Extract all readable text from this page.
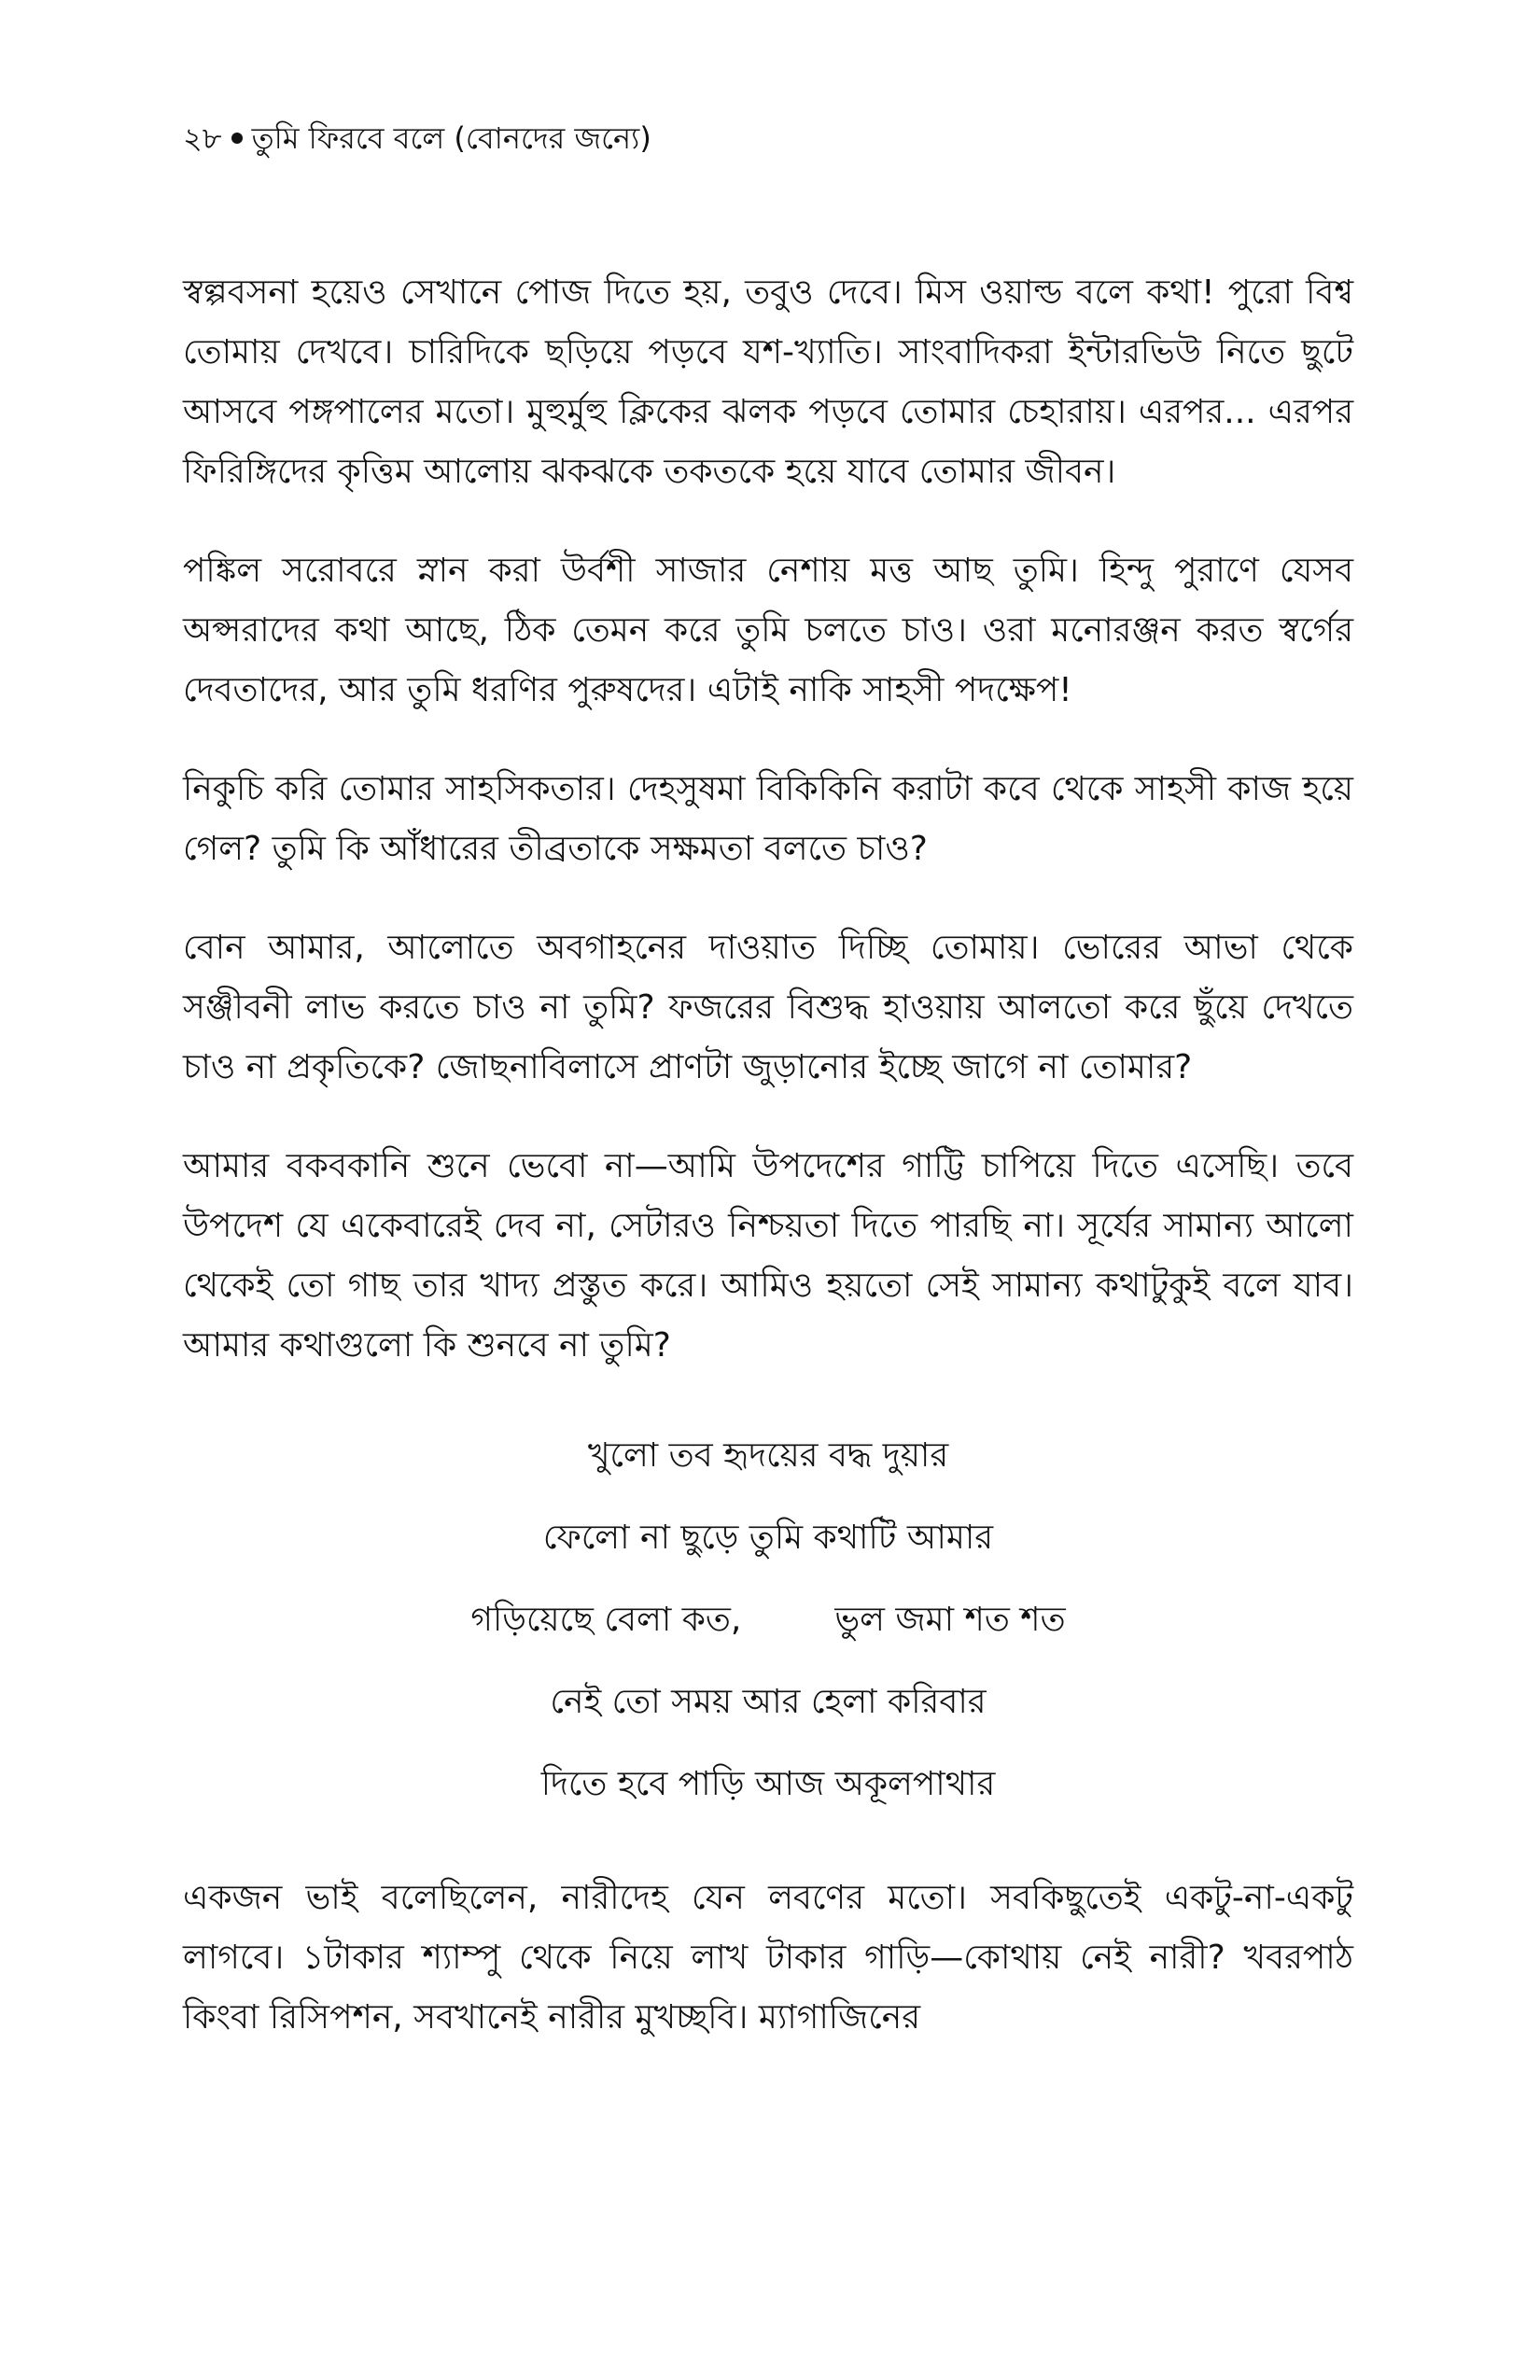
২৮ তুমি ফিরবে বলে (বোনদের জন্যে)

স্বল্পবসনা হয়েও সেখানে পোজ দিতে হয়, তবুও দেবে। মিস ওয়াল্ড বলে কথা! পুরো বিশ্ব তোমায় দেখবে। চারিদিকে ছড়িয়ে পড়বে যশ-খ্যাতি। সাংবাদিকরা ইন্টারভিউ নিতে ছুটে আসবে পঙ্গপালের মতো। মুহুর্মুহু ক্লিকের ঝলক পড়বে তোমার চেহারায়। এরপর... এরপর ফিরিঙ্গিদের কৃত্তিম আলোয় ঝকঝকে তকতকে হয়ে যাবে তোমার জীবন।

পঙ্কিল সরোবরে স্নান করা উর্বশী সাজার নেশায় মত্ত আছ তুমি। হিন্দু পুরাণে যেসব অপ্সরাদের কথা আছে, ঠিক তেমন করে তুমি চলতে চাও। ওরা মনোরঞ্জন করত স্বর্গের দেবতাদের, আর তুমি ধরণির পুরুষদের। এটাই নাকি সাহসী পদক্ষেপ!

নিকুচি করি তোমার সাহসিকতার। দেহসুষমা বিকিকিনি করাটা কবে থেকে সাহসী কাজ হয়ে গেল? তুমি কি আঁধারের তীব্রতাকে সক্ষমতা বলতে চাও?

বোন আমার, আলোতে অবগাহনের দাওয়াত দিচ্ছি তোমায়। ভোরের আভা থেকে সঞ্জীবনী লাভ করতে চাও না তুমি? ফজরের বিশুদ্ধ হাওয়ায় আলতো করে ছুঁয়ে দেখতে চাও না প্রকৃতিকে? জোছনাবিলাসে প্রাণটা জুড়ানোর ইচ্ছে জাগে না তোমার?

আমার বকবকানি শুনে ভেবো না—আমি উপদেশের গাট্টি চাপিয়ে দিতে এসেছি। তবে উপদেশ যে একেবারেই দেব না, সেটারও নিশ্চয়তা দিতে পারছি না। সূর্যের সামান্য আলো থেকেই তো গাছ তার খাদ্য প্রস্তুত করে। আমিও হয়তো সেই সামান্য কথাটুকুই বলে যাব। আমার কথাগুলো কি শুনবে না তুমি?

খুলো তব হৃদয়ের বদ্ধ দুয়ার
ফেলো না ছুড়ে তুমি কথাটি আমার
গড়িয়েছে বেলা কত,	ভুল জমা শত শত
নেই তো সময় আর হেলা করিবার
দিতে হবে পাড়ি আজ অকূলপাথার

একজন ভাই বলেছিলেন, নারীদেহ যেন লবণের মতো। সবকিছুতেই একটু-না-একটু লাগবে। ১টাকার শ্যাম্পু থেকে নিয়ে লাখ টাকার গাড়ি—কোথায় নেই নারী? খবরপাঠ কিংবা রিসিপশন, সবখানেই নারীর মুখচ্ছবি। ম্যাগাজিনের
